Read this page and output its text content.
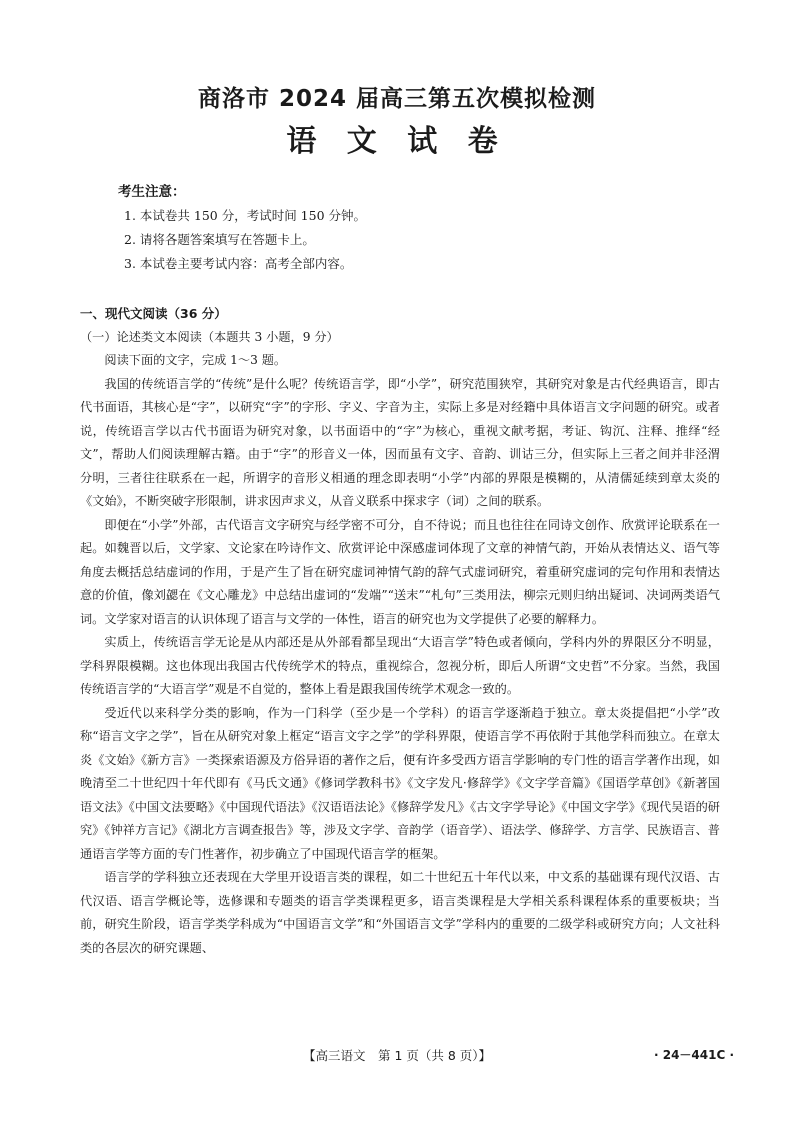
商洛市 2024 届高三第五次模拟检测
语 文 试 卷
考生注意：
1. 本试卷共 150 分，考试时间 150 分钟。
2. 请将各题答案填写在答题卡上。
3. 本试卷主要考试内容：高考全部内容。
一、现代文阅读（36 分）
（一）论述类文本阅读（本题共 3 小题，9 分）
阅读下面的文字，完成 1～3 题。

我国的传统语言学的“传统”是什么呢？传统语言学，即“小学”，研究范围狭窄，其研究对象是古代经典语言，即古代书面语，其核心是“字”，以研究“字”的字形、字义、字音为主，实际上多是对经籍中具体语言文字问题的研究。或者说，传统语言学以古代书面语为研究对象，以书面语中的“字”为核心，重视文献考据，考证、钩沉、注释、推绎“经文”，帮助人们阅读理解古籍。由于“字”的形音义一体，因而虽有文字、音韵、训诂三分，但实际上三者之间并非泾渭分明，三者往往联系在一起，所谓字的音形义相通的理念即表明“小学”内部的界限是模糊的，从清儒延续到章太炎的《文始》，不断突破字形限制，讲求因声求义，从音义联系中探求字（词）之间的联系。

即便在“小学”外部，古代语言文字研究与经学密不可分，自不待说；而且也往往在同诗文创作、欣赏评论联系在一起。如魏晋以后，文学家、文论家在吟诗作文、欣赏评论中深感虚词体现了文章的神情气韵，开始从表情达义、语气等角度去概括总结虚词的作用，于是产生了旨在研究虚词神情气韵的辞气式虚词研究，着重研究虚词的完句作用和表情达意的价值，像刘勰在《文心雕龙》中总结出虚词的“发端”“送末”“札句”三类用法，柳宗元则归纳出疑词、决词两类语气词。文学家对语言的认识体现了语言与文学的一体性，语言的研究也为文学提供了必要的解释力。

实质上，传统语言学无论是从内部还是从外部看都呈现出“大语言学”特色或者倾向，学科内外的界限区分不明显，学科界限模糊。这也体现出我国古代传统学术的特点，重视综合，忽视分析，即后人所谓“文史哲”不分家。当然，我国传统语言学的“大语言学”观是不自觉的，整体上看是跟我国传统学术观念一致的。

受近代以来科学分类的影响，作为一门科学（至少是一个学科）的语言学逐渐趋于独立。章太炎提倡把“小学”改称“语言文字之学”，旨在从研究对象上框定“语言文字之学”的学科界限，使语言学不再依附于其他学科而独立。在章太炎《文始》《新方言》一类探索语源及方俗异语的著作之后，便有许多受西方语言学影响的专门性的语言学著作出现，如晚清至二十世纪四十年代即有《马氏文通》《修词学教科书》《文字发凡·修辞学》《文字学音篇》《国语学草创》《新著国语文法》《中国文法要略》《中国现代语法》《汉语语法论》《修辞学发凡》《古文字学导论》《中国文字学》《现代吴语的研究》《钟祥方言记》《湖北方言调查报告》等，涉及文字学、音韵学（语音学）、语法学、修辞学、方言学、民族语言、普通语言学等方面的专门性著作，初步确立了中国现代语言学的框架。

语言学的学科独立还表现在大学里开设语言类的课程，如二十世纪五十年代以来，中文系的基础课有现代汉语、古代汉语、语言学概论等，选修课和专题类的语言学类课程更多，语言类课程是大学相关系科课程体系的重要板块；当前，研究生阶段，语言学类学科成为“中国语言文学”和“外国语言文学”学科内的重要的二级学科或研究方向；人文社科类的各层次的研究课题、

【高三语文　第 1 页（共 8 页）】	· 24－441C ·
